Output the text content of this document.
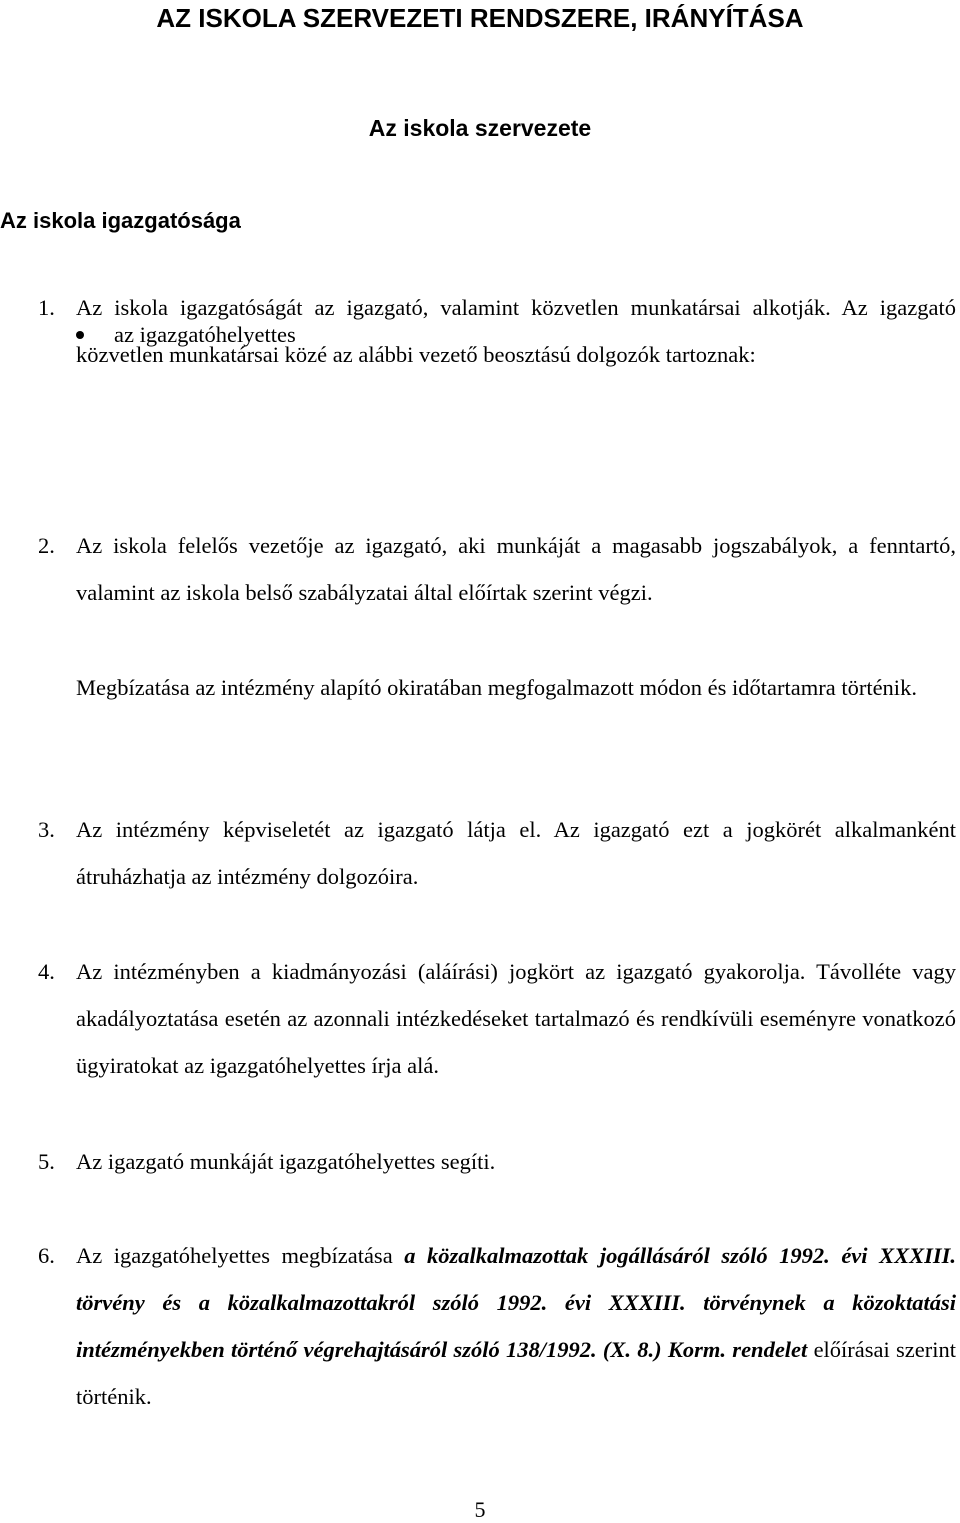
AZ ISKOLA SZERVEZETI RENDSZERE, IRÁNYÍTÁSA
Az iskola szervezete
Az iskola igazgatósága
1. Az iskola igazgatóságát az igazgató, valamint közvetlen munkatársai alkotják. Az igazgató közvetlen munkatársai közé az alábbi vezető beosztású dolgozók tartoznak:

az igazgatóhelyettes
2. Az iskola felelős vezetője az igazgató, aki munkáját a magasabb jogszabályok, a fenntartó, valamint az iskola belső szabályzatai által előírtak szerint végzi.

Megbízatása az intézmény alapító okiratában megfogalmazott módon és időtartamra történik.

3. Az intézmény képviseletét az igazgató látja el. Az igazgató ezt a jogkörét alkalmanként átruházhatja az intézmény dolgozóira.

4. Az intézményben a kiadmányozási (aláírási) jogkört az igazgató gyakorolja. Távolléte vagy akadályoztatása esetén az azonnali intézkedéseket tartalmazó és rendkívüli eseményre vonatkozó ügyiratokat az igazgatóhelyettes írja alá.

5. Az igazgató munkáját igazgatóhelyettes segíti.

6. Az igazgatóhelyettes megbízatása a közalkalmazottak jogállásáról szóló 1992. évi XXXIII. törvény és a közalkalmazottakról szóló 1992. évi XXXIII. törvénynek a közoktatási intézményekben történő végrehajtásáról szóló 138/1992. (X. 8.) Korm. rendelet előírásai szerint történik.

5
